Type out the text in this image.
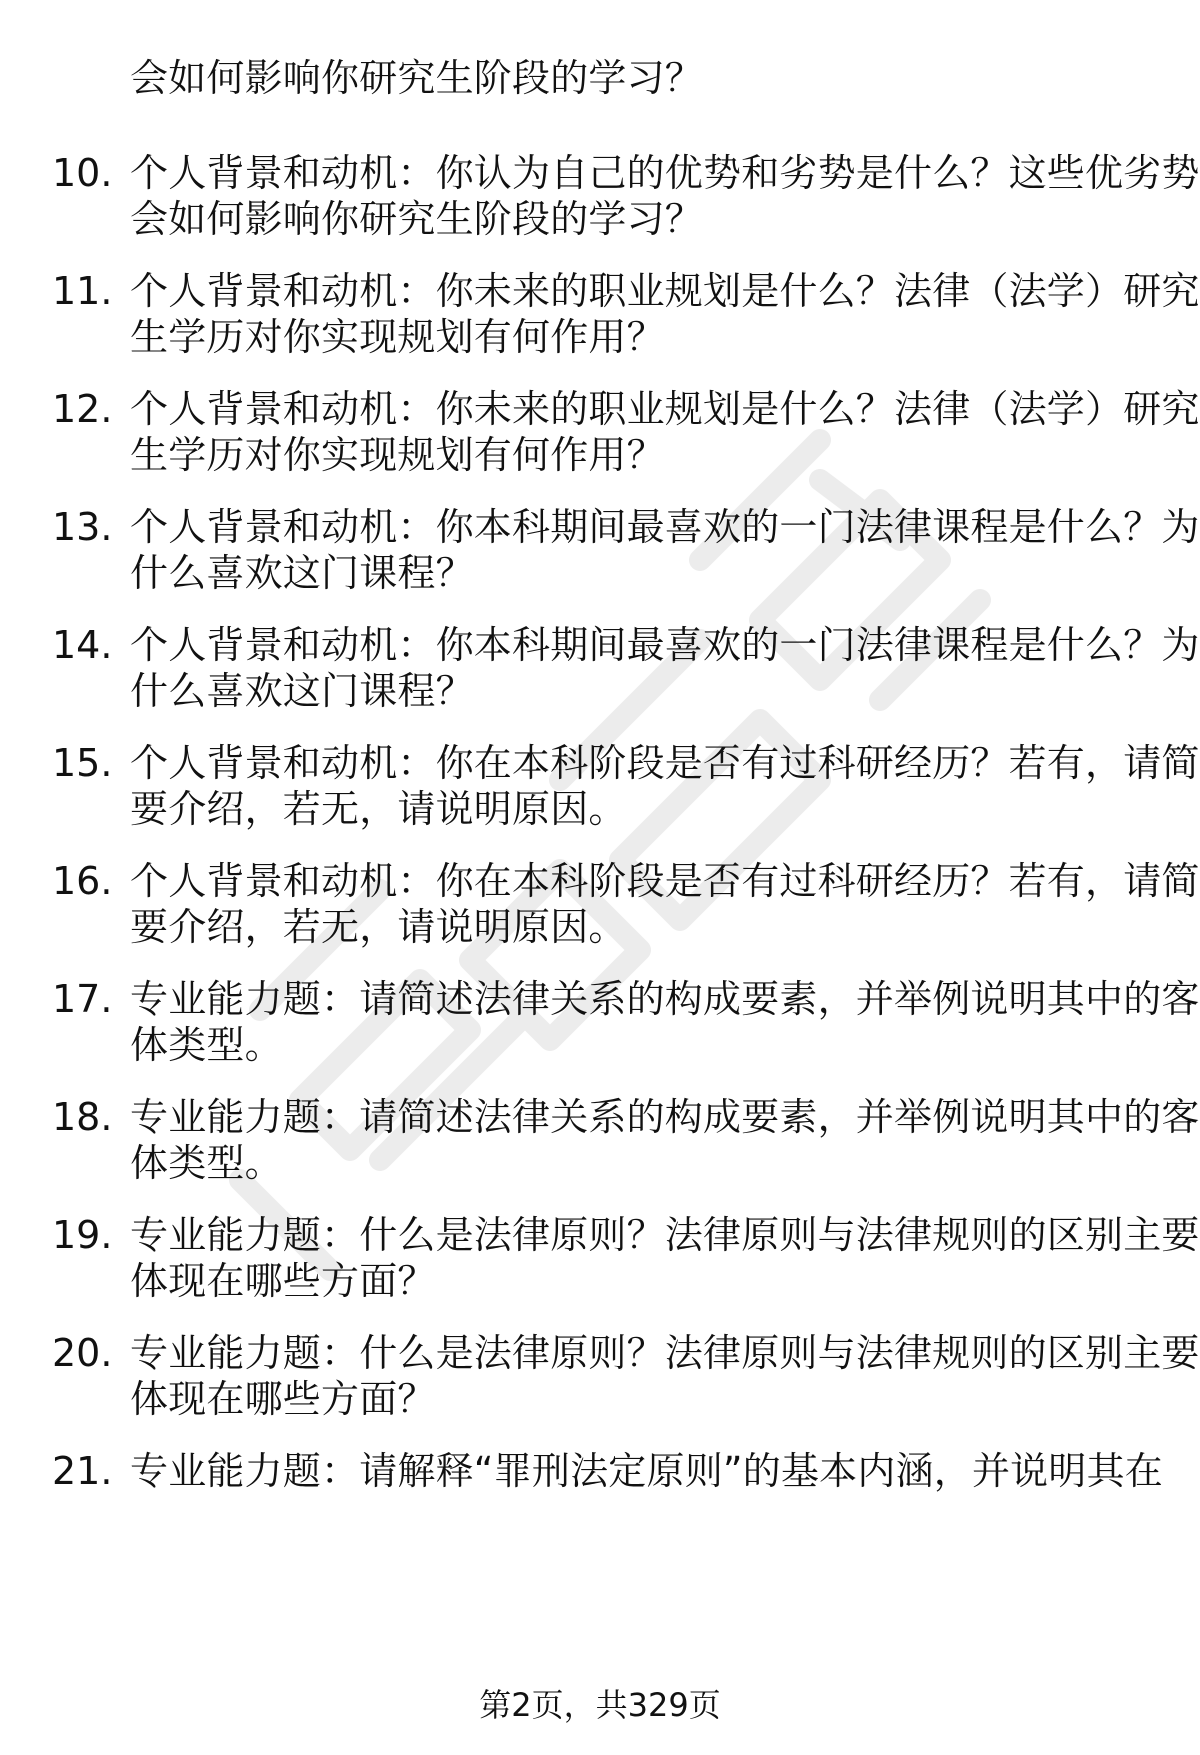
会如何影响你研究生阶段的学习？
10. 个人背景和动机：你认为自己的优势和劣势是什么？这些优劣势
会如何影响你研究生阶段的学习？
11. 个人背景和动机：你未来的职业规划是什么？法律（法学）研究
生学历对你实现规划有何作用？
12. 个人背景和动机：你未来的职业规划是什么？法律（法学）研究
生学历对你实现规划有何作用？
13. 个人背景和动机：你本科期间最喜欢的一门法律课程是什么？为
什么喜欢这门课程？
14. 个人背景和动机：你本科期间最喜欢的一门法律课程是什么？为
什么喜欢这门课程？
15. 个人背景和动机：你在本科阶段是否有过科研经历？若有，请简
要介绍，若无，请说明原因。
16. 个人背景和动机：你在本科阶段是否有过科研经历？若有，请简
要介绍，若无，请说明原因。
17. 专业能力题：请简述法律关系的构成要素，并举例说明其中的客
体类型。
18. 专业能力题：请简述法律关系的构成要素，并举例说明其中的客
体类型。
19. 专业能力题：什么是法律原则？法律原则与法律规则的区别主要
体现在哪些方面？
20. 专业能力题：什么是法律原则？法律原则与法律规则的区别主要
体现在哪些方面？
21. 专业能力题：请解释“罪刑法定原则”的基本内涵，并说明其在
第2页，共329页
